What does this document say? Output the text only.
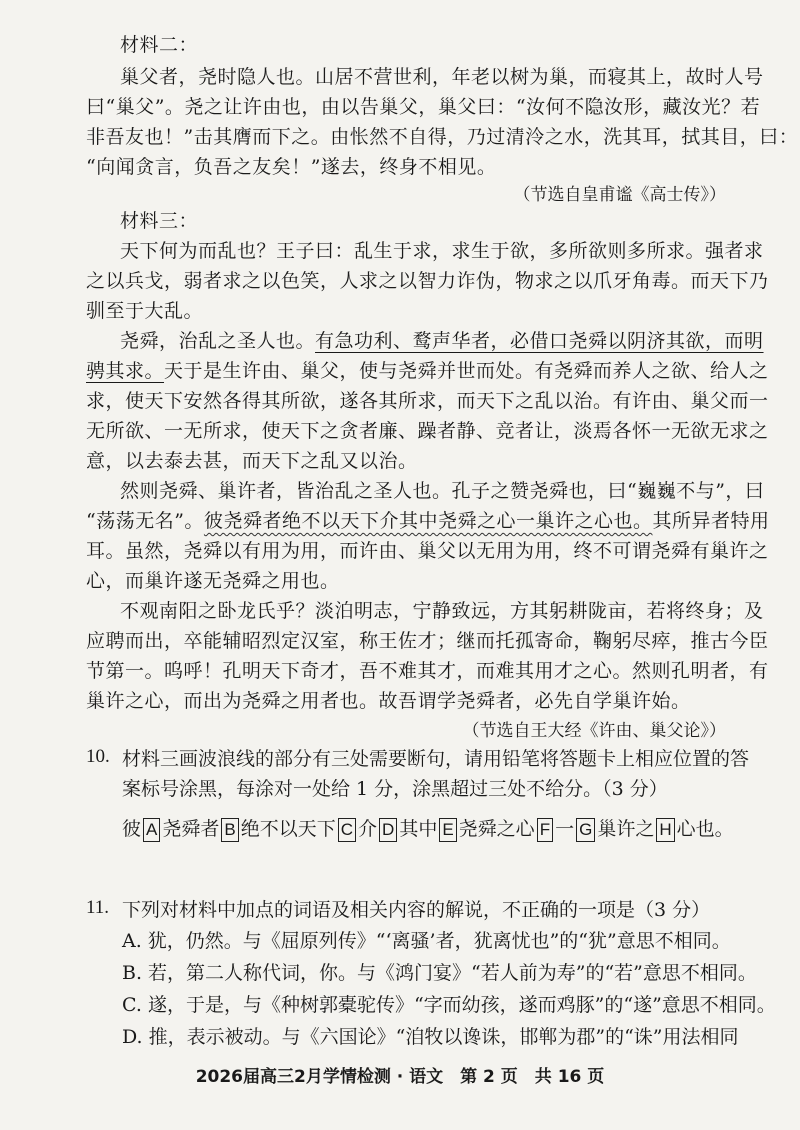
材料二：
巢父者，尧时隐人也。山居不营世利，年老以树为巢，而寝其上，故时人号
曰“巢父”。尧之让许由也，由以告巢父，巢父曰：“汝何不隐汝形，藏汝光？若
非吾友也！”击其膺而下之。由怅然不自得，乃过清泠之水，洗其耳，拭其目，曰：
“向闻贪言，负吾之友矣！”遂去，终身不相见。
（节选自皇甫谧《高士传》）
材料三：
天下何为而乱也？王子曰：乱生于求，求生于欲，多所欲则多所求。强者求
之以兵戈，弱者求之以色笑，人求之以智力诈伪，物求之以爪牙角毒。而天下乃
驯至于大乱。
尧舜，治乱之圣人也。有急功利、鹜声华者，必借口尧舜以阴济其欲，而明
骋其求。天于是生许由、巢父，使与尧舜并世而处。有尧舜而养人之欲、给人之
求，使天下安然各得其所欲，遂各其所求，而天下之乱以治。有许由、巢父而一
无所欲、一无所求，使天下之贪者廉、躁者静、竞者让，淡焉各怀一无欲无求之
意，以去泰去甚，而天下之乱又以治。
然则尧舜、巢许者，皆治乱之圣人也。孔子之赞尧舜也，曰“巍巍不与”，曰
“荡荡无名”。彼尧舜者绝不以天下介其中尧舜之心一巢许之心也。其所异者特用
耳。虽然，尧舜以有用为用，而许由、巢父以无用为用，终不可谓尧舜有巢许之
心，而巢许遂无尧舜之用也。
不观南阳之卧龙氏乎？淡泊明志，宁静致远，方其躬耕陇亩，若将终身；及
应聘而出，卒能辅昭烈定汉室，称王佐才；继而托孤寄命，鞠躬尽瘁，推古今臣
节第一。呜呼！孔明天下奇才，吾不难其才，而难其用才之心。然则孔明者，有
巢许之心，而出为尧舜之用者也。故吾谓学尧舜者，必先自学巢许始。
（节选自王大经《许由、巢父论》）
10. 材料三画波浪线的部分有三处需要断句，请用铅笔将答题卡上相应位置的答
案标号涂黑，每涂对一处给 1 分，涂黑超过三处不给分。（3 分）
彼 A 尧舜者 B 绝不以天下 C 介 D 其中 E 尧舜之心 F 一 G 巢许之 H 心也。
11. 下列对材料中加点的词语及相关内容的解说，不正确的一项是（3 分）
A. 犹，仍然。与《屈原列传》“‘离骚’者，犹离忧也”的“犹”意思不相同。
B. 若，第二人称代词，你。与《鸿门宴》“若人前为寿”的“若”意思不相同。
C. 遂，于是，与《种树郭橐驼传》“字而幼孩，遂而鸡豚”的“遂”意思不相同。
D. 推，表示被动。与《六国论》“洎牧以谗诛，邯郸为郡”的“诛”用法相同
2026届高三2月学情检测 · 语文　第 2 页　共 16 页
